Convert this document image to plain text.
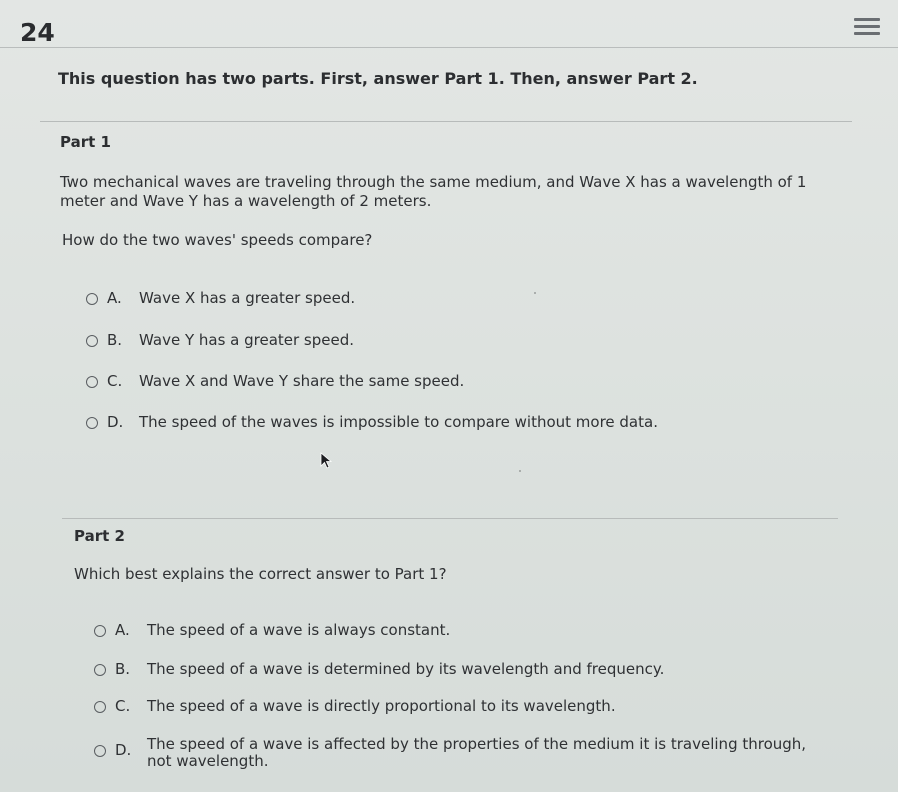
24
This question has two parts. First, answer Part 1. Then, answer Part 2.
Part 1
Two mechanical waves are traveling through the same medium, and Wave X has a wavelength of 1
meter and Wave Y has a wavelength of 2 meters.
How do the two waves' speeds compare?
A.	Wave X has a greater speed.
B.	Wave Y has a greater speed.
C.	Wave X and Wave Y share the same speed.
D.	The speed of the waves is impossible to compare without more data.
Part 2
Which best explains the correct answer to Part 1?
A.	The speed of a wave is always constant.
B.	The speed of a wave is determined by its wavelength and frequency.
C.	The speed of a wave is directly proportional to its wavelength.
D.	The speed of a wave is affected by the properties of the medium it is traveling through,
not wavelength.
